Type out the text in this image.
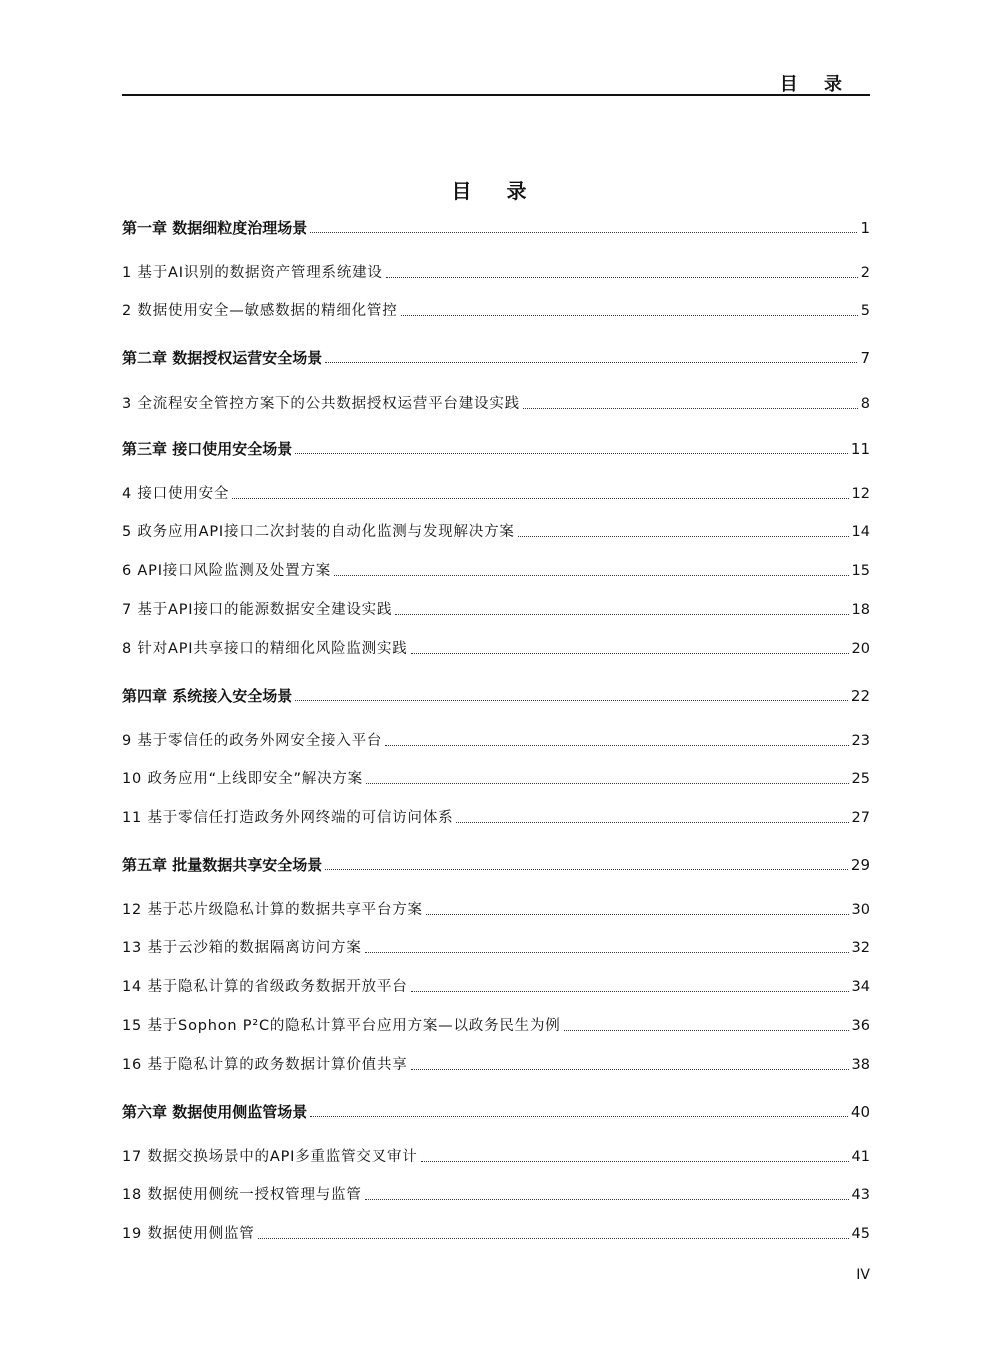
目 录
目 录
第一章 数据细粒度治理场景	1
1 基于AI识别的数据资产管理系统建设	2
2 数据使用安全—敏感数据的精细化管控	5
第二章 数据授权运营安全场景	7
3 全流程安全管控方案下的公共数据授权运营平台建设实践	8
第三章 接口使用安全场景	11
4 接口使用安全	12
5 政务应用API接口二次封装的自动化监测与发现解决方案	14
6 API接口风险监测及处置方案	15
7 基于API接口的能源数据安全建设实践	18
8 针对API共享接口的精细化风险监测实践	20
第四章 系统接入安全场景	22
9 基于零信任的政务外网安全接入平台	23
10 政务应用“上线即安全”解决方案	25
11 基于零信任打造政务外网终端的可信访问体系	27
第五章 批量数据共享安全场景	29
12 基于芯片级隐私计算的数据共享平台方案	30
13 基于云沙箱的数据隔离访问方案	32
14 基于隐私计算的省级政务数据开放平台	34
15 基于Sophon P²C的隐私计算平台应用方案—以政务民生为例	36
16 基于隐私计算的政务数据计算价值共享	38
第六章 数据使用侧监管场景	40
17 数据交换场景中的API多重监管交叉审计	41
18 数据使用侧统一授权管理与监管	43
19 数据使用侧监管	45
IV
